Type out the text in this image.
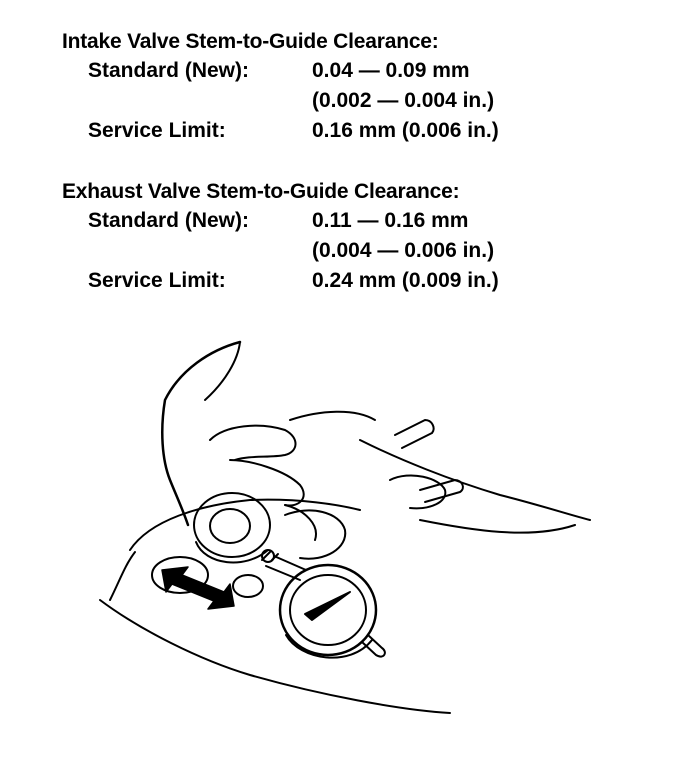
Intake Valve Stem-to-Guide Clearance:
Standard (New):	0.04 — 0.09 mm
(0.002 — 0.004 in.)
Service Limit:	0.16 mm (0.006 in.)
Exhaust Valve Stem-to-Guide Clearance:
Standard (New):	0.11 — 0.16 mm
(0.004 — 0.006 in.)
Service Limit:	0.24 mm (0.009 in.)
